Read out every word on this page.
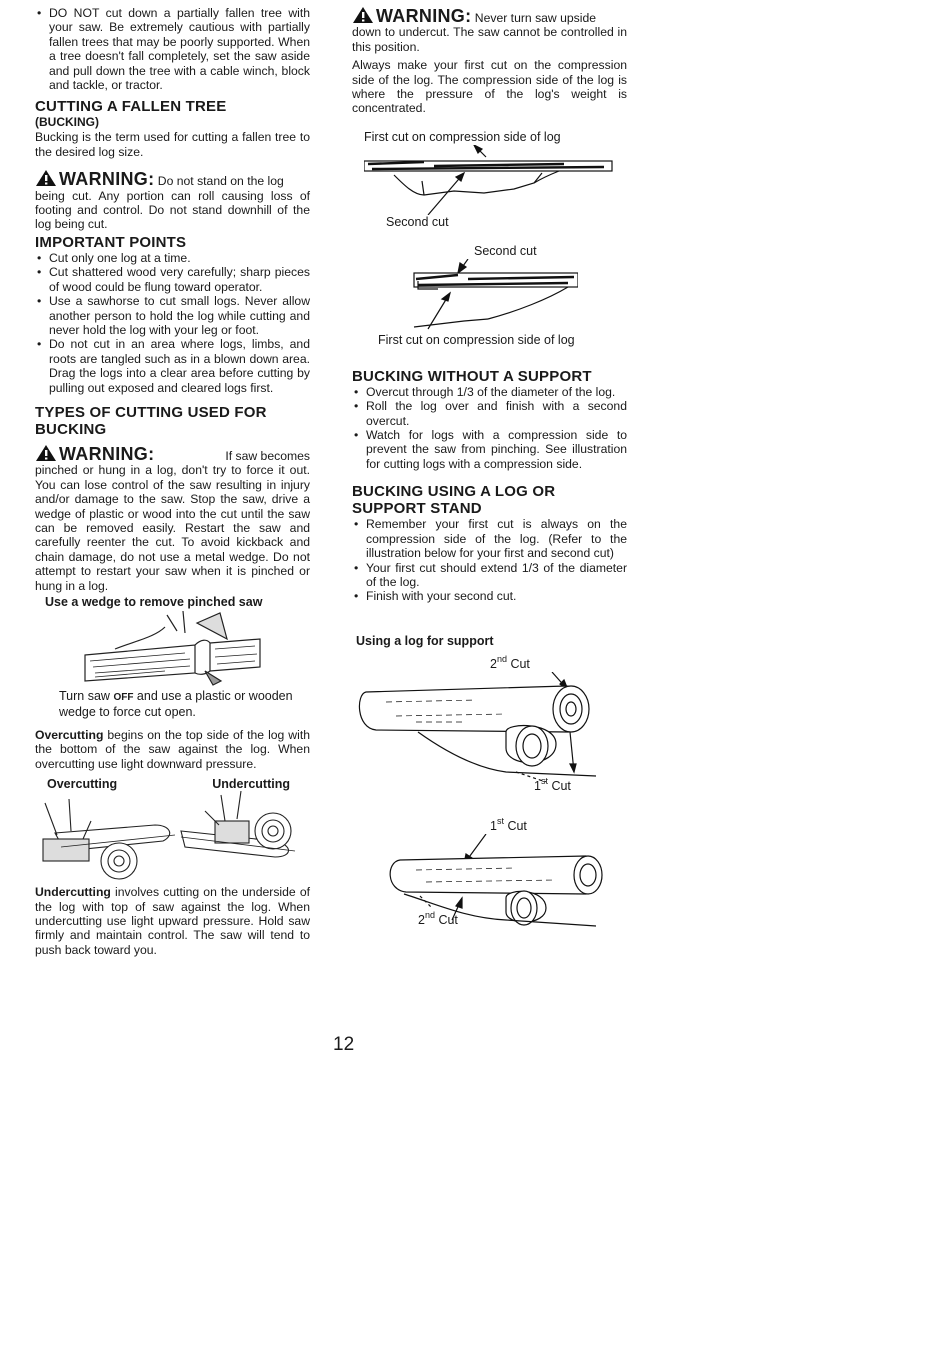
• DO NOT cut down a partially fallen tree with your saw. Be extremely cautious with partially fallen trees that may be poorly supported. When a tree doesn't fall completely, set the saw aside and pull down the tree with a cable winch, block and tackle, or tractor.
CUTTING A FALLEN TREE
(BUCKING)

Bucking is the term used for cutting a fallen tree to the desired log size.

WARNING: Do not stand on the log

being cut. Any portion can roll causing loss of footing and control. Do not stand downhill of the log being cut.

IMPORTANT POINTS
• Cut only one log at a time.
• Cut shattered wood very carefully; sharp pieces of wood could be flung toward operator.
• Use a sawhorse to cut small logs. Never allow another person to hold the log while cutting and never hold the log with your leg or foot.
• Do not cut in an area where logs, limbs, and roots are tangled such as in a blown down area. Drag the logs into a clear area before cutting by pulling out exposed and cleared logs first.
TYPES OF CUTTING USED FOR BUCKING

WARNING:	If saw becomes

pinched or hung in a log, don't try to force it out. You can lose control of the saw resulting in injury and/or damage to the saw. Stop the saw, drive a wedge of plastic or wood into the cut until the saw can be removed easily. Restart the saw and carefully reenter the cut. To avoid kickback and chain damage, do not use a metal wedge. Do not attempt to restart your saw when it is pinched or hung in a log.

Use a wedge to remove pinched saw

Turn saw OFF and use a plastic or wooden wedge to force cut open.

Overcutting begins on the top side of the log with the bottom of the saw against the log. When overcutting use light downward pressure.

Overcutting	Undercutting

Undercutting involves cutting on the underside of the log with top of saw against the log. When undercutting use light upward pressure. Hold saw firmly and maintain control. The saw will tend to push back toward you.

WARNING: Never turn saw upside

down to undercut. The saw cannot be controlled in this position.

Always make your first cut on the compression side of the log. The compression side of the log is where the pressure of the log's weight is concentrated.

First cut on compression side of log
Second cut
Second cut
First cut on compression side of log
BUCKING WITHOUT A SUPPORT
• Overcut through 1/3 of the diameter of the log.
• Roll the log over and finish with a second overcut.
• Watch for logs with a compression side to prevent the saw from pinching. See illustration for cutting logs with a compression side.
BUCKING USING A LOG OR SUPPORT STAND
• Remember your first cut is always on the compression side of the log. (Refer to the illustration below for your first and second cut)
• Your first cut should extend 1/3 of the diameter of the log.
• Finish with your second cut.
Using a log for support
2nd Cut
1st Cut
1st Cut
2nd Cut
12
